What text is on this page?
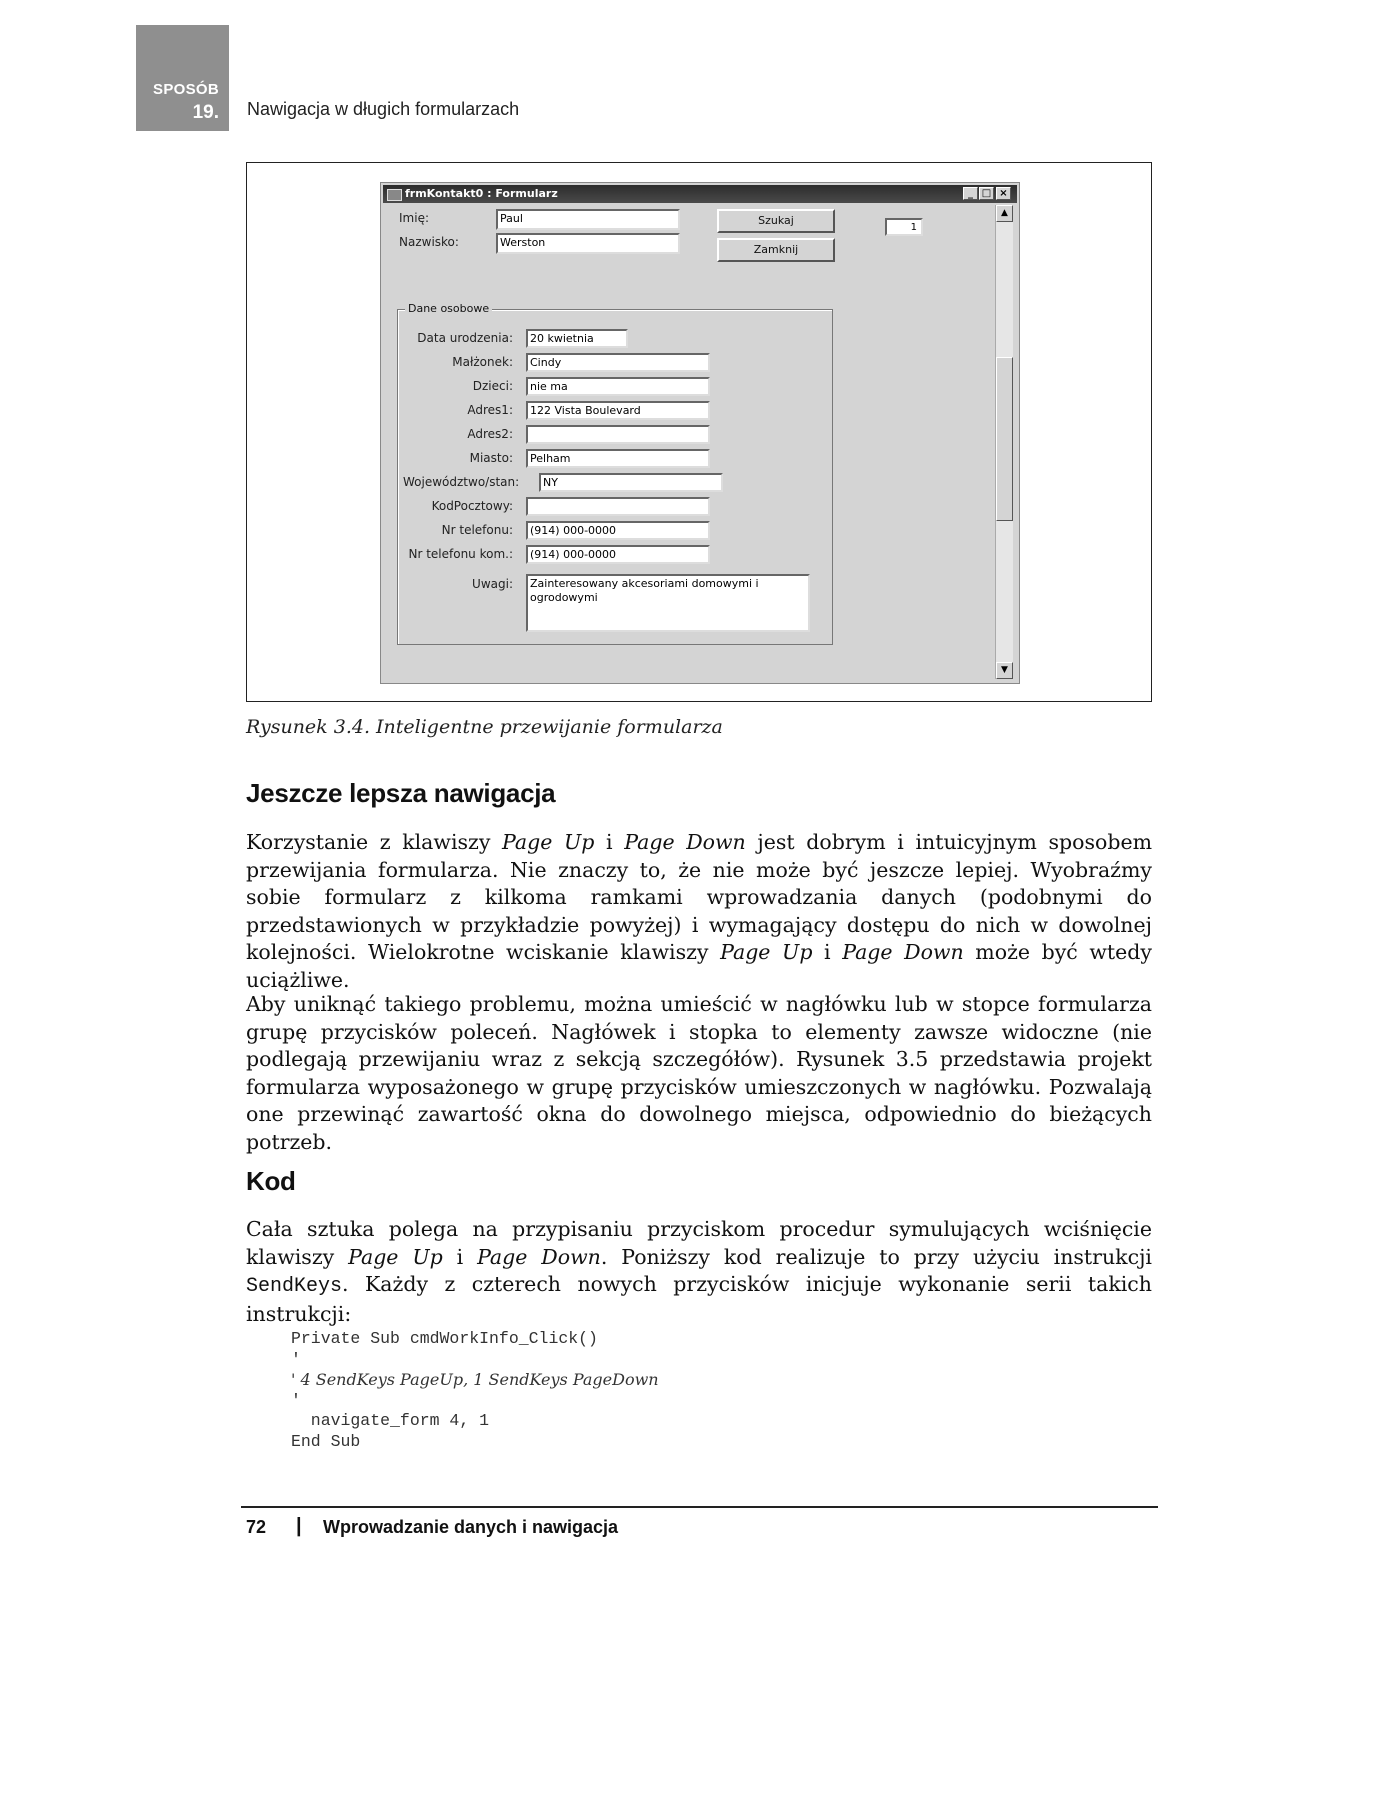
SPOSÓB
19. Nawigacja w długich formularzach
frmKontakt0 : Formularz	_ □ ×
Imię:	Paul
Nazwisko:	Werston
Szukaj
Zamknij
1
Dane osobowe
Data urodzenia:	20 kwietnia
Małżonek:	Cindy
Dzieci:	nie ma
Adres1:	122 Vista Boulevard
Adres2:
Miasto:	Pelham
Województwo/stan:	NY
KodPocztowy:
Nr telefonu:	(914) 000-0000
Nr telefonu kom.:	(914) 000-0000
Uwagi:	Zainteresowany akcesoriami domowymi i ogrodowymi
▲
▼
Rysunek 3.4. Inteligentne przewijanie formularza
Jeszcze lepsza nawigacja
Korzystanie z klawiszy Page Up i Page Down jest dobrym i intuicyjnym sposobem przewijania formularza. Nie znaczy to, że nie może być jeszcze lepiej. Wyobraźmy sobie formularz z kilkoma ramkami wprowadzania danych (podobnymi do przedstawionych w przykładzie powyżej) i wymagający dostępu do nich w dowolnej kolejności. Wielokrotne wciskanie klawiszy Page Up i Page Down może być wtedy uciążliwe.
Aby uniknąć takiego problemu, można umieścić w nagłówku lub w stopce formularza grupę przycisków poleceń. Nagłówek i stopka to elementy zawsze widoczne (nie podlegają przewijaniu wraz z sekcją szczegółów). Rysunek 3.5 przedstawia projekt formularza wyposażonego w grupę przycisków umieszczonych w nagłówku. Pozwalają one przewinąć zawartość okna do dowolnego miejsca, odpowiednio do bieżących potrzeb.
Kod
Cała sztuka polega na przypisaniu przyciskom procedur symulujących wciśnięcie klawiszy Page Up i Page Down. Poniższy kod realizuje to przy użyciu instrukcji SendKeys. Każdy z czterech nowych przycisków inicjuje wykonanie serii takich instrukcji:
Private Sub cmdWorkInfo_Click()
'
' 4 SendKeys PageUp, 1 SendKeys PageDown
'
navigate_form 4, 1
End Sub
72 | Wprowadzanie danych i nawigacja
